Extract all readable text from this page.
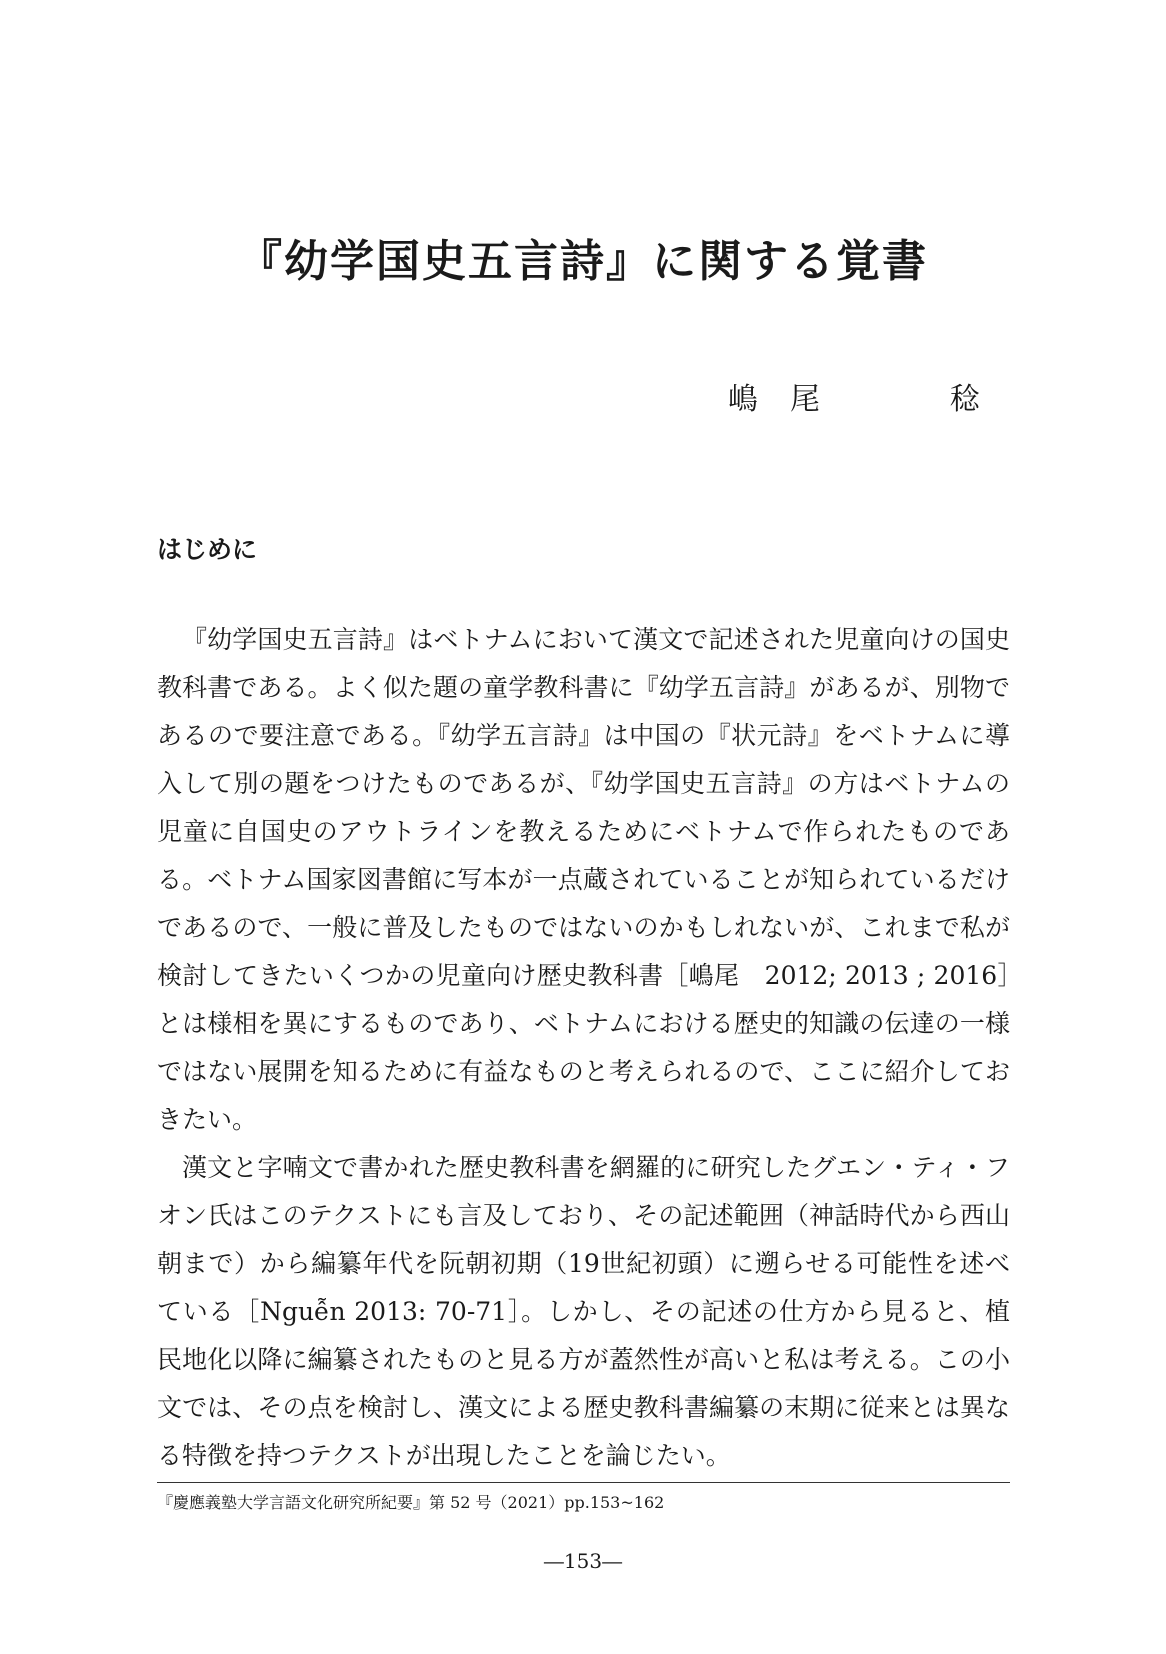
『幼学国史五言詩』に関する覚書
嶋 尾	稔
はじめに

『幼学国史五言詩』はベトナムにおいて漢文で記述された児童向けの国史教科書である。よく似た題の童学教科書に『幼学五言詩』があるが、別物であるので要注意である。『幼学五言詩』は中国の『状元詩』をベトナムに導入して別の題をつけたものであるが、『幼学国史五言詩』の方はベトナムの児童に自国史のアウトラインを教えるためにベトナムで作られたものである。ベトナム国家図書館に写本が一点蔵されていることが知られているだけであるので、一般に普及したものではないのかもしれないが、これまで私が検討してきたいくつかの児童向け歴史教科書［嶋尾　2012; 2013 ; 2016］とは様相を異にするものであり、ベトナムにおける歴史的知識の伝達の一様ではない展開を知るために有益なものと考えられるので、ここに紹介しておきたい。

漢文と字喃文で書かれた歴史教科書を網羅的に研究したグエン・ティ・フオン氏はこのテクストにも言及しており、その記述範囲（神話時代から西山朝まで）から編纂年代を阮朝初期（19世紀初頭）に遡らせる可能性を述べている［Nguễn 2013: 70-71］。しかし、その記述の仕方から見ると、植民地化以降に編纂されたものと見る方が蓋然性が高いと私は考える。この小文では、その点を検討し、漢文による歴史教科書編纂の末期に従来とは異なる特徴を持つテクストが出現したことを論じたい。

『慶應義塾大学言語文化研究所紀要』第 52 号（2021）pp.153~162
―153―
